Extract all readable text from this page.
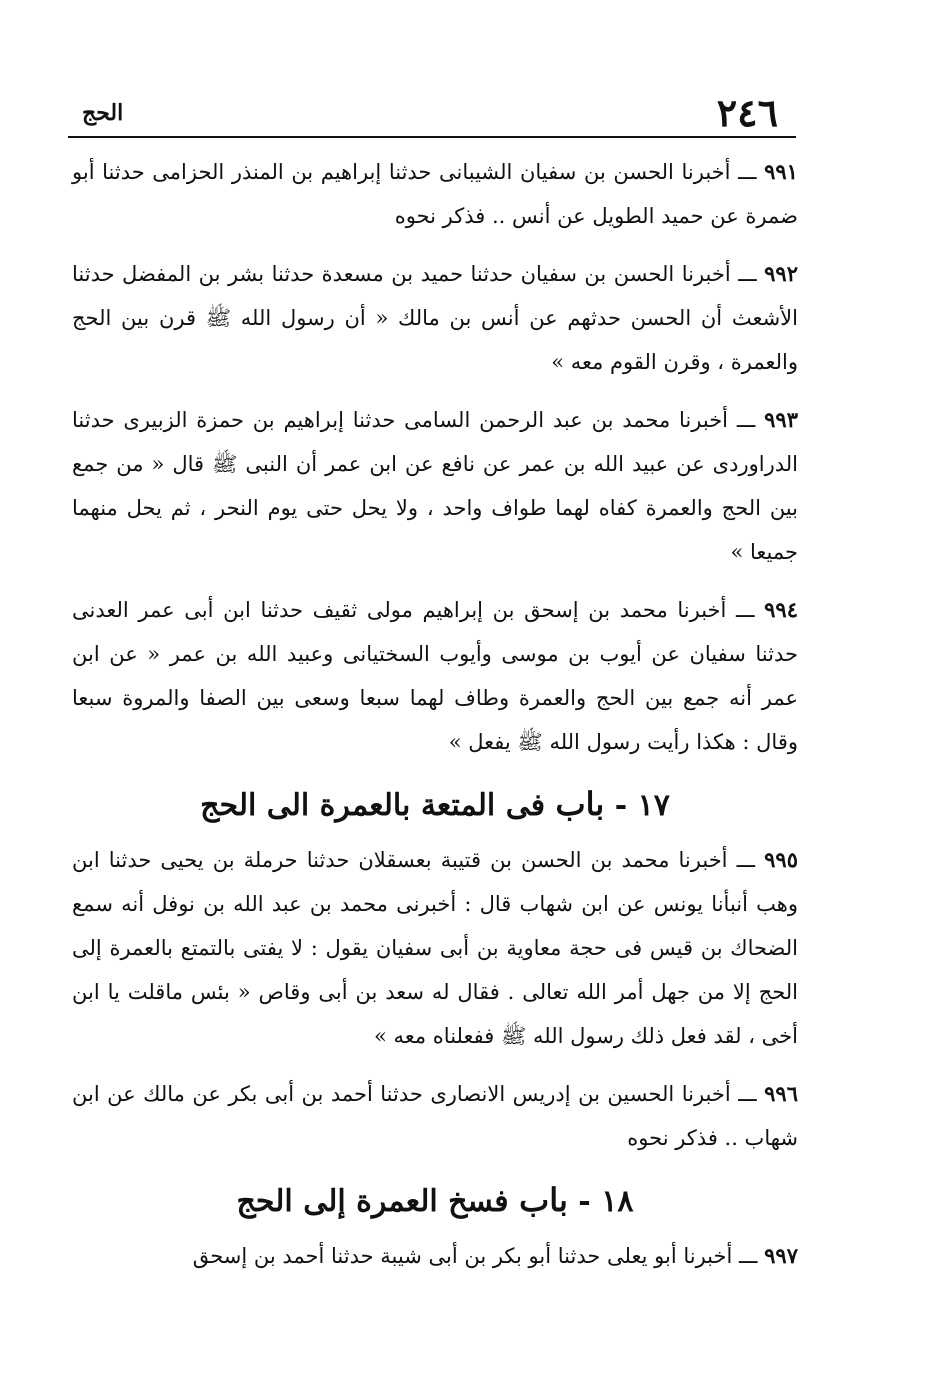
٢٤٦
الحج

٩٩١ ـــ أخبرنا الحسن بن سفيان الشيبانى حدثنا إبراهيم بن المنذر الحزامى حدثنا أبو ضمرة عن حميد الطويل عن أنس .. فذكر نحوه

٩٩٢ ـــ أخبرنا الحسن بن سفيان حدثنا حميد بن مسعدة حدثنا بشر بن المفضل حدثنا الأشعث أن الحسن حدثهم عن أنس بن مالك « أن رسول الله ﷺ قرن بين الحج والعمرة ، وقرن القوم معه »

٩٩٣ ـــ أخبرنا محمد بن عبد الرحمن السامى حدثنا إبراهيم بن حمزة الزبيرى حدثنا الدراوردى عن عبيد الله بن عمر عن نافع عن ابن عمر أن النبى ﷺ قال « من جمع بين الحج والعمرة كفاه لهما طواف واحد ، ولا يحل حتى يوم النحر ، ثم يحل منهما جميعا »

٩٩٤ ـــ أخبرنا محمد بن إسحق بن إبراهيم مولى ثقيف حدثنا ابن أبى عمر العدنى حدثنا سفيان عن أيوب بن موسى وأيوب السختيانى وعبيد الله بن عمر « عن ابن عمر أنه جمع بين الحج والعمرة وطاف لهما سبعا وسعى بين الصفا والمروة سبعا وقال : هكذا رأيت رسول الله ﷺ يفعل »

١٧ - باب فى المتعة بالعمرة الى الحج

٩٩٥ ـــ أخبرنا محمد بن الحسن بن قتيبة بعسقلان حدثنا حرملة بن يحيى حدثنا ابن وهب أنبأنا يونس عن ابن شهاب قال : أخبرنى محمد بن عبد الله بن نوفل أنه سمع الضحاك بن قيس فى حجة معاوية بن أبى سفيان يقول : لا يفتى بالتمتع بالعمرة إلى الحج إلا من جهل أمر الله تعالى . فقال له سعد بن أبى وقاص « بئس ماقلت يا ابن أخى ، لقد فعل ذلك رسول الله ﷺ ففعلناه معه »

٩٩٦ ـــ أخبرنا الحسين بن إدريس الانصارى حدثنا أحمد بن أبى بكر عن مالك عن ابن شهاب .. فذكر نحوه

١٨ - باب فسخ العمرة إلى الحج

٩٩٧ ـــ أخبرنا أبو يعلى حدثنا أبو بكر بن أبى شيبة حدثنا أحمد بن إسحق
